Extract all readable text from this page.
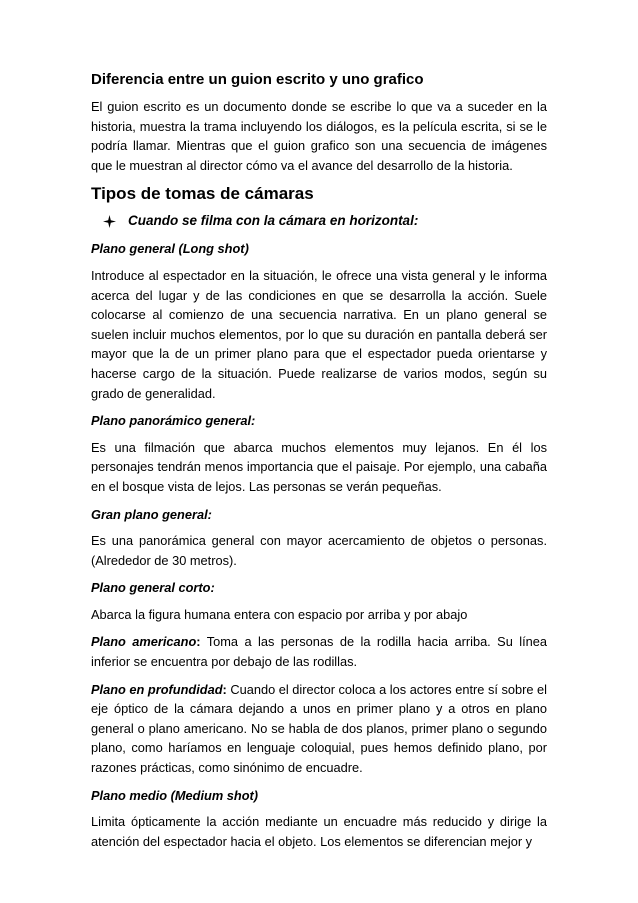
Diferencia entre un guion escrito y uno grafico

El guion escrito es un documento donde se escribe lo que va a suceder en la historia, muestra la trama incluyendo los diálogos, es la película escrita, si se le podría llamar. Mientras que el guion grafico son una secuencia de imágenes que le muestran al director cómo va el avance del desarrollo de la historia.

Tipos de tomas de cámaras
Cuando se filma con la cámara en horizontal:
Plano general (Long shot)

Introduce al espectador en la situación, le ofrece una vista general y le informa acerca del lugar y de las condiciones en que se desarrolla la acción. Suele colocarse al comienzo de una secuencia narrativa. En un plano general se suelen incluir muchos elementos, por lo que su duración en pantalla deberá ser mayor que la de un primer plano para que el espectador pueda orientarse y hacerse cargo de la situación. Puede realizarse de varios modos, según su grado de generalidad.

Plano panorámico general:

Es una filmación que abarca muchos elementos muy lejanos. En él los personajes tendrán menos importancia que el paisaje. Por ejemplo, una cabaña en el bosque vista de lejos. Las personas se verán pequeñas.

Gran plano general:

Es una panorámica general con mayor acercamiento de objetos o personas. (Alrededor de 30 metros).

Plano general corto:

Abarca la figura humana entera con espacio por arriba y por abajo

Plano americano: Toma a las personas de la rodilla hacia arriba. Su línea inferior se encuentra por debajo de las rodillas.

Plano en profundidad: Cuando el director coloca a los actores entre sí sobre el eje óptico de la cámara dejando a unos en primer plano y a otros en plano general o plano americano. No se habla de dos planos, primer plano o segundo plano, como haríamos en lenguaje coloquial, pues hemos definido plano, por razones prácticas, como sinónimo de encuadre.

Plano medio (Medium shot)

Limita ópticamente la acción mediante un encuadre más reducido y dirige la atención del espectador hacia el objeto. Los elementos se diferencian mejor y
